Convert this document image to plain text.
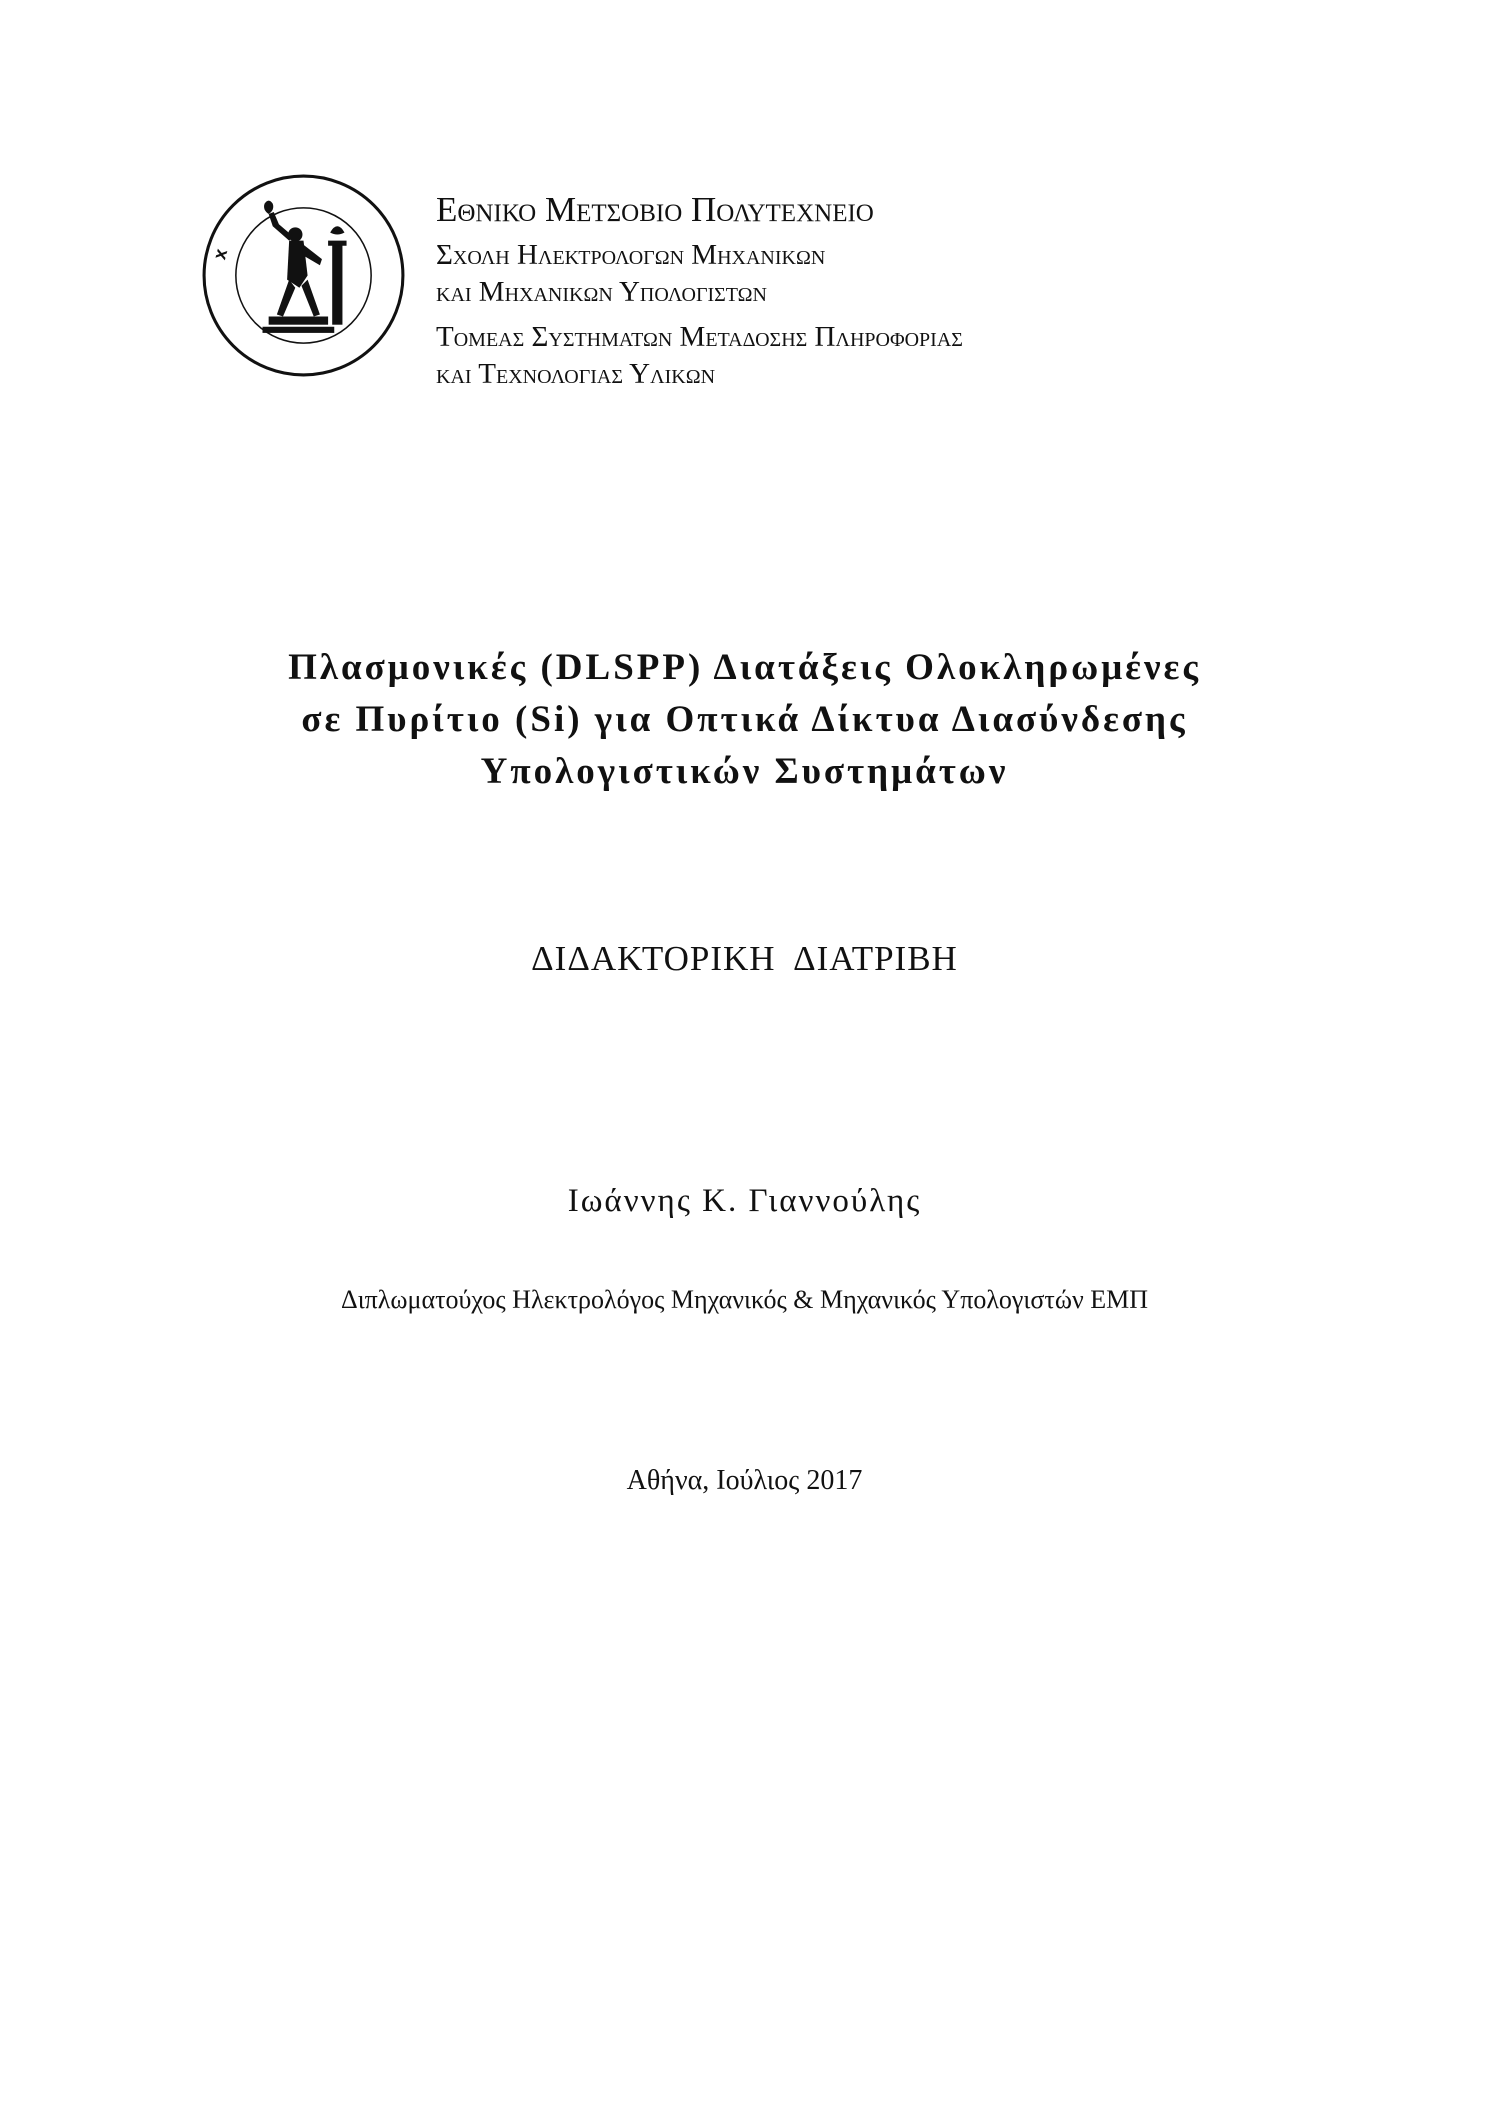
X
Εθνικο Μετσοβιο Πολυτεχνειο
Σχολη Ηλεκτρολογων Μηχανικων
και Μηχανικων Υπολογιστων
Τομεας Συστηματων Μεταδοσης Πληροφοριας
και Τεχνολογιας Υλικων
Πλασμονικές (DLSPP) Διατάξεις Ολοκληρωμένες
σε Πυρίτιο (Si) για Οπτικά Δίκτυα Διασύνδεσης
Υπολογιστικών Συστημάτων
ΔΙΔΑΚΤΟΡΙΚΗ  ΔΙΑΤΡΙΒΗ
Ιωάννης Κ. Γιαννούλης
Διπλωματούχος Ηλεκτρολόγος Μηχανικός & Μηχανικός Υπολογιστών ΕΜΠ
Αθήνα, Ιούλιος 2017
